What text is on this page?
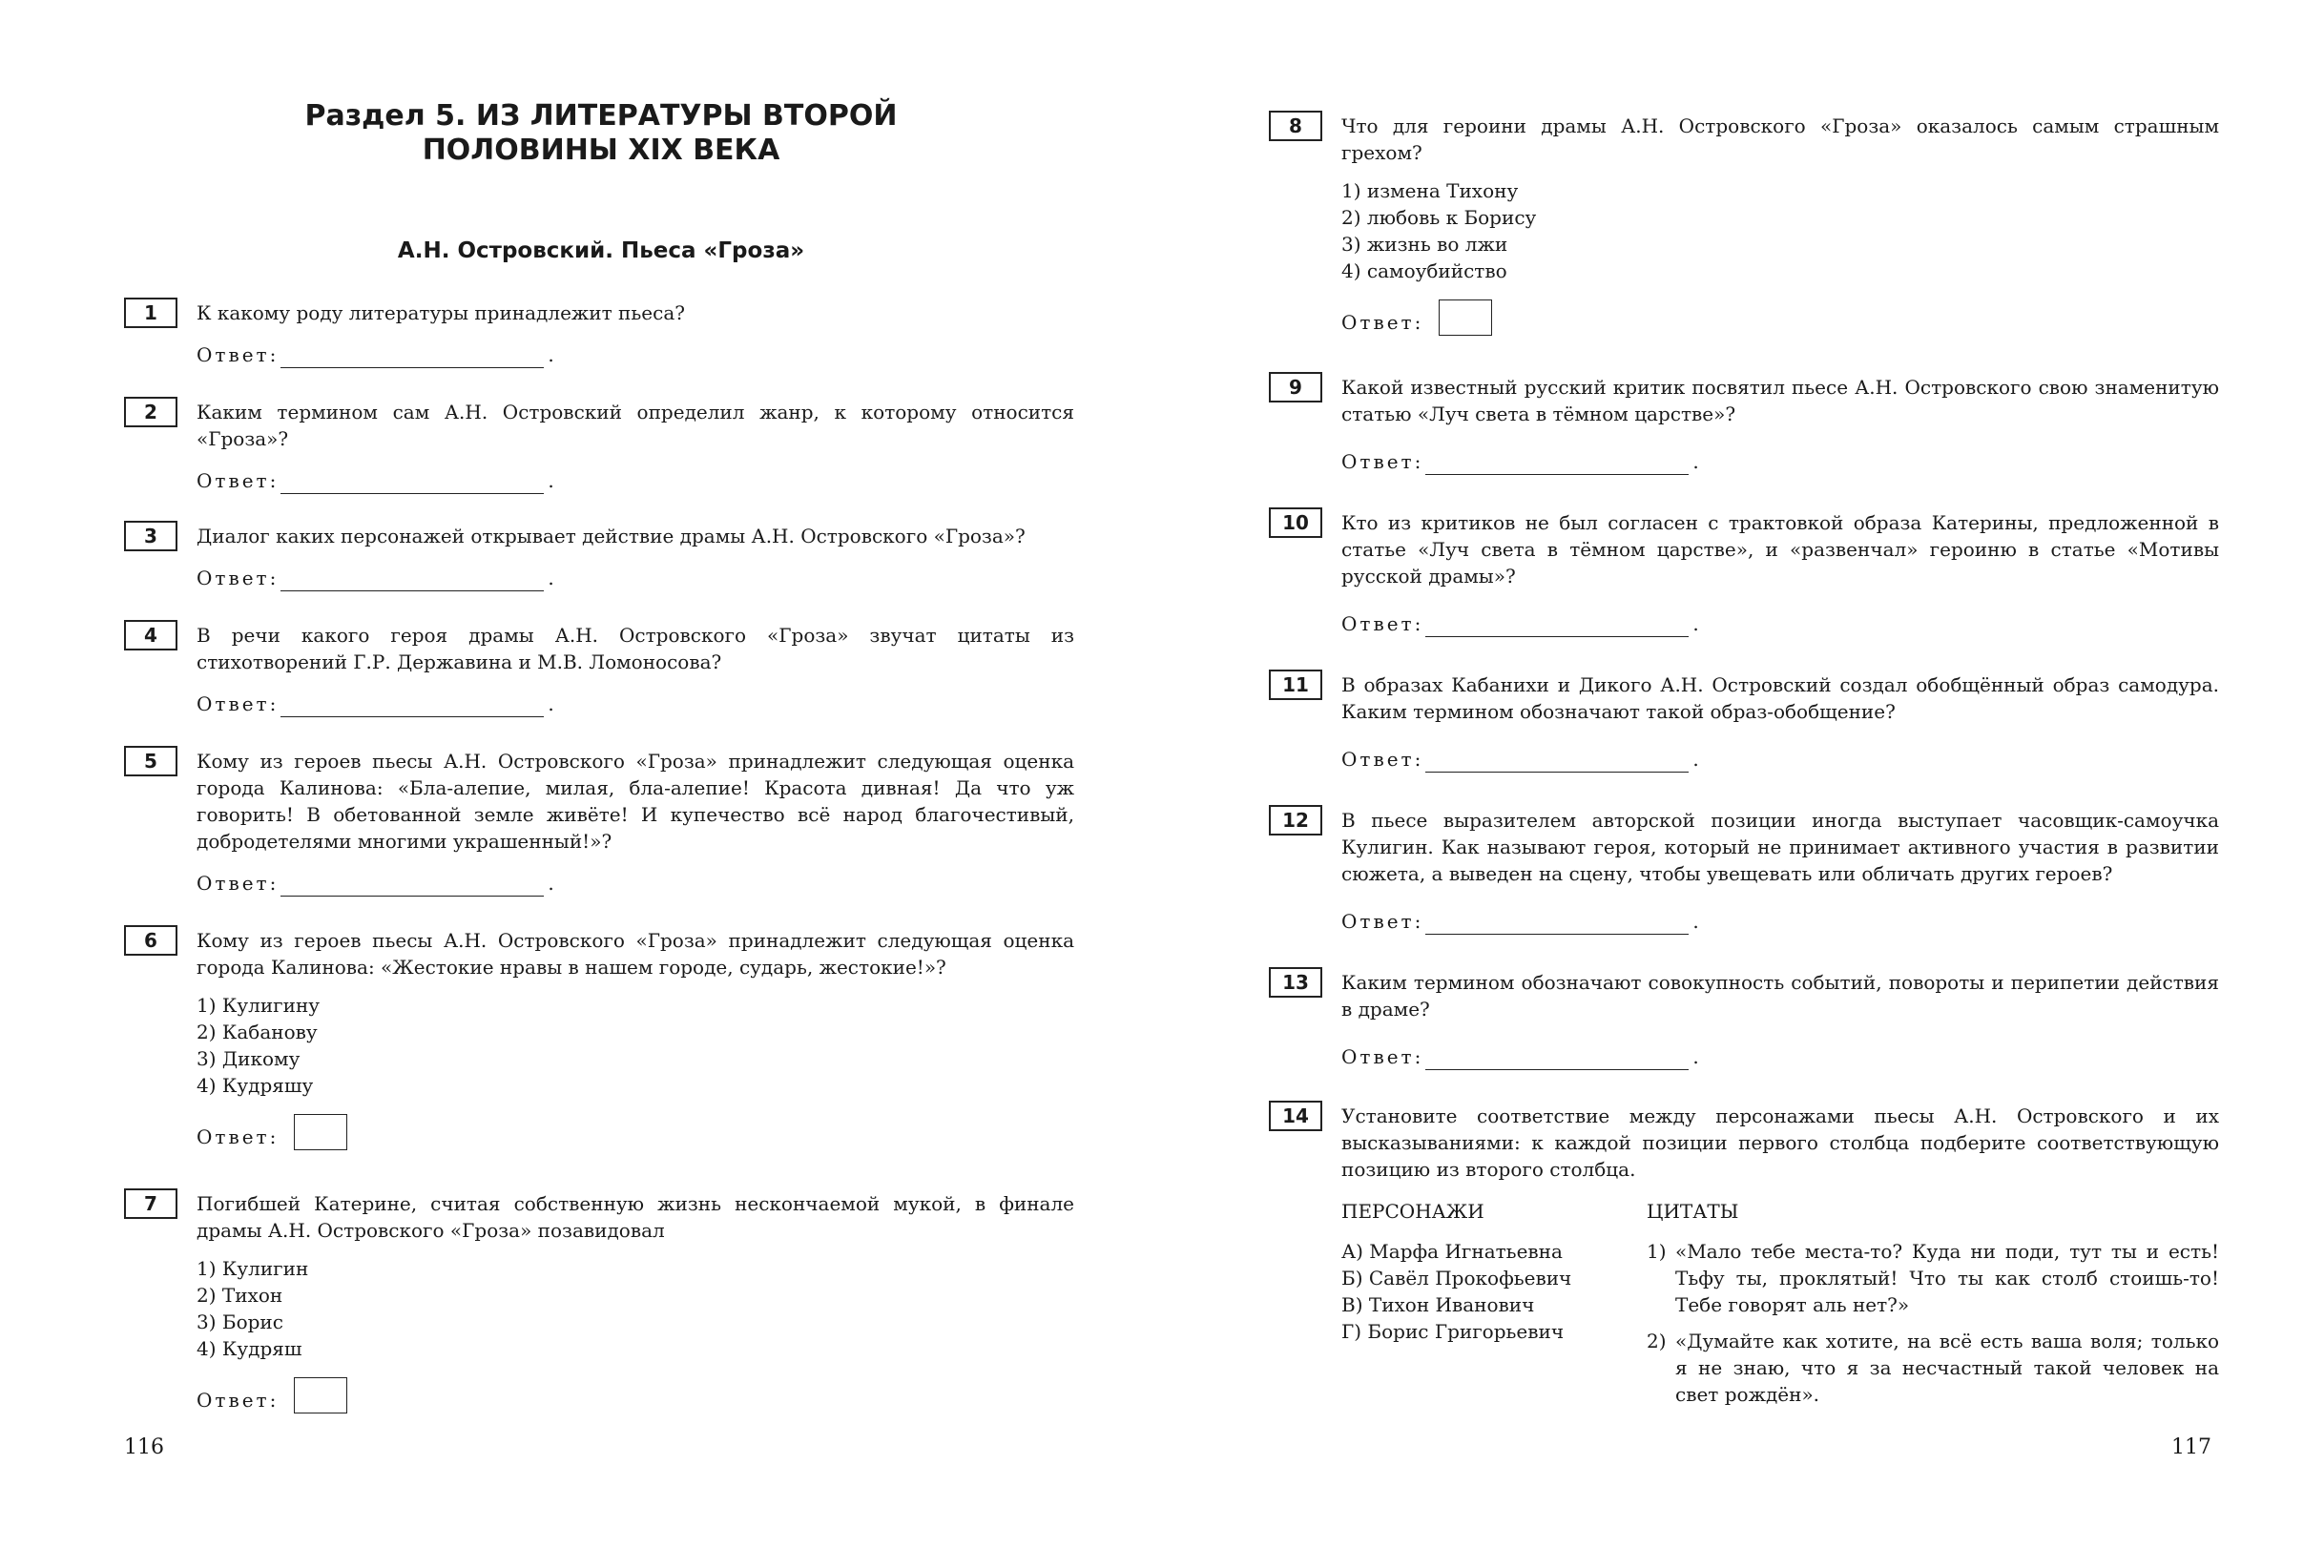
Раздел 5. ИЗ ЛИТЕРАТУРЫ ВТОРОЙ
ПОЛОВИНЫ XIX ВЕКА
А.Н. Островский. Пьеса «Гроза»
1	К какому роду литературы принадлежит пьеса?

Ответ:	.
2	Каким термином сам А.Н. Островский определил жанр, к которому относится «Гроза»?

Ответ:	.
3	Диалог каких персонажей открывает действие драмы А.Н. Островского «Гроза»?

Ответ:	.
4	В речи какого героя драмы А.Н. Островского «Гроза» звучат цитаты из стихотворений Г.Р. Державина и М.В. Ломоносова?

Ответ:	.
5	Кому из героев пьесы А.Н. Островского «Гроза» принадлежит следующая оценка города Калинова: «Бла-алепие, милая, бла-алепие! Красота дивная! Да что уж говорить! В обетованной земле живёте! И купечество всё народ благочестивый, добродетелями многими украшенный!»?

Ответ:	.
6	Кому из героев пьесы А.Н. Островского «Гроза» принадлежит следующая оценка города Калинова: «Жестокие нравы в нашем городе, сударь, жестокие!»?

1) Кулигину
2) Кабанову
3) Дикому
4) Кудряшу
Ответ:
7	Погибшей Катерине, считая собственную жизнь нескончаемой мукой, в финале драмы А.Н. Островского «Гроза» позавидовал

1) Кулигин
2) Тихон
3) Борис
4) Кудряш
Ответ:
116
8	Что для героини драмы А.Н. Островского «Гроза» оказалось самым страшным грехом?

1) измена Тихону
2) любовь к Борису
3) жизнь во лжи
4) самоубийство
Ответ:
9	Какой известный русский критик посвятил пьесе А.Н. Островского свою знаменитую статью «Луч света в тёмном царстве»?

Ответ:	.
10	Кто из критиков не был согласен с трактовкой образа Катерины, предложенной в статье «Луч света в тёмном царстве», и «развенчал» героиню в статье «Мотивы русской драмы»?

Ответ:	.
11	В образах Кабанихи и Дикого А.Н. Островский создал обобщённый образ самодура. Каким термином обозначают такой образ-обобщение?

Ответ:	.
12	В пьесе выразителем авторской позиции иногда выступает часовщик-самоучка Кулигин. Как называют героя, который не принимает активного участия в развитии сюжета, а выведен на сцену, чтобы увещевать или обличать других героев?

Ответ:	.
13	Каким термином обозначают совокупность событий, повороты и перипетии действия в драме?

Ответ:	.
14	Установите соответствие между персонажами пьесы А.Н. Островского и их высказываниями: к каждой позиции первого столбца подберите соответствующую позицию из второго столбца.

ПЕРСОНАЖИ
А) Марфа Игнатьевна
Б) Савёл Прокофьевич
В) Тихон Иванович
Г) Борис Григорьевич
ЦИТАТЫ
1) «Мало тебе места-то? Куда ни поди, тут ты и есть! Тьфу ты, проклятый! Что ты как столб стоишь-то! Тебе говорят аль нет?»
2) «Думайте как хотите, на всё есть ваша воля; только я не знаю, что я за несчастный такой человек на свет рождён».
117
